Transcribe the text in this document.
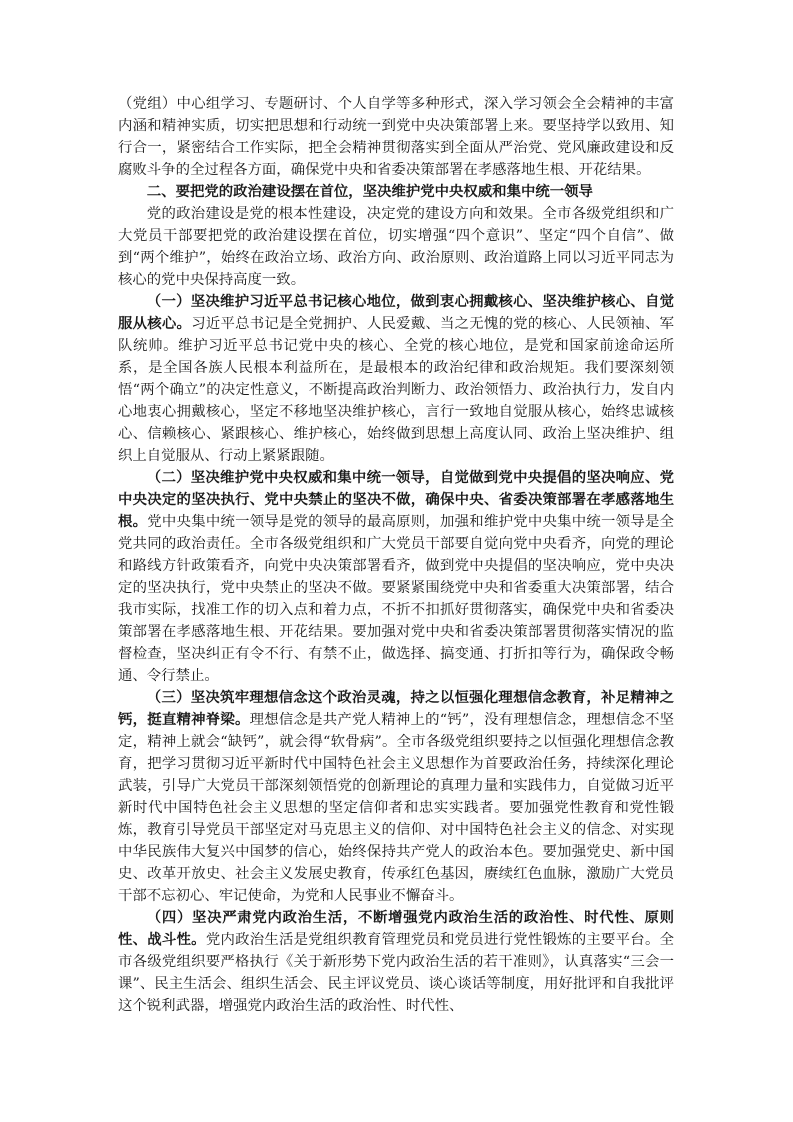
（党组）中心组学习、专题研讨、个人自学等多种形式，深入学习领会全会精神的丰富内涵和精神实质，切实把思想和行动统一到党中央决策部署上来。要坚持学以致用、知行合一，紧密结合工作实际，把全会精神贯彻落实到全面从严治党、党风廉政建设和反腐败斗争的全过程各方面，确保党中央和省委决策部署在孝感落地生根、开花结果。

二、要把党的政治建设摆在首位，坚决维护党中央权威和集中统一领导

党的政治建设是党的根本性建设，决定党的建设方向和效果。全市各级党组织和广大党员干部要把党的政治建设摆在首位，切实增强“四个意识”、坚定“四个自信”、做到“两个维护”，始终在政治立场、政治方向、政治原则、政治道路上同以习近平同志为核心的党中央保持高度一致。

（一）坚决维护习近平总书记核心地位，做到衷心拥戴核心、坚决维护核心、自觉服从核心。习近平总书记是全党拥护、人民爱戴、当之无愧的党的核心、人民领袖、军队统帅。维护习近平总书记党中央的核心、全党的核心地位，是党和国家前途命运所系，是全国各族人民根本利益所在，是最根本的政治纪律和政治规矩。我们要深刻领悟“两个确立”的决定性意义，不断提高政治判断力、政治领悟力、政治执行力，发自内心地衷心拥戴核心，坚定不移地坚决维护核心，言行一致地自觉服从核心，始终忠诚核心、信赖核心、紧跟核心、维护核心，始终做到思想上高度认同、政治上坚决维护、组织上自觉服从、行动上紧紧跟随。

（二）坚决维护党中央权威和集中统一领导，自觉做到党中央提倡的坚决响应、党中央决定的坚决执行、党中央禁止的坚决不做，确保中央、省委决策部署在孝感落地生根。党中央集中统一领导是党的领导的最高原则，加强和维护党中央集中统一领导是全党共同的政治责任。全市各级党组织和广大党员干部要自觉向党中央看齐，向党的理论和路线方针政策看齐，向党中央决策部署看齐，做到党中央提倡的坚决响应，党中央决定的坚决执行，党中央禁止的坚决不做。要紧紧围绕党中央和省委重大决策部署，结合我市实际，找准工作的切入点和着力点，不折不扣抓好贯彻落实，确保党中央和省委决策部署在孝感落地生根、开花结果。要加强对党中央和省委决策部署贯彻落实情况的监督检查，坚决纠正有令不行、有禁不止，做选择、搞变通、打折扣等行为，确保政令畅通、令行禁止。

（三）坚决筑牢理想信念这个政治灵魂，持之以恒强化理想信念教育，补足精神之钙，挺直精神脊梁。理想信念是共产党人精神上的“钙”，没有理想信念，理想信念不坚定，精神上就会“缺钙”，就会得“软骨病”。全市各级党组织要持之以恒强化理想信念教育，把学习贯彻习近平新时代中国特色社会主义思想作为首要政治任务，持续深化理论武装，引导广大党员干部深刻领悟党的创新理论的真理力量和实践伟力，自觉做习近平新时代中国特色社会主义思想的坚定信仰者和忠实实践者。要加强党性教育和党性锻炼，教育引导党员干部坚定对马克思主义的信仰、对中国特色社会主义的信念、对实现中华民族伟大复兴中国梦的信心，始终保持共产党人的政治本色。要加强党史、新中国史、改革开放史、社会主义发展史教育，传承红色基因，赓续红色血脉，激励广大党员干部不忘初心、牢记使命，为党和人民事业不懈奋斗。

（四）坚决严肃党内政治生活，不断增强党内政治生活的政治性、时代性、原则性、战斗性。党内政治生活是党组织教育管理党员和党员进行党性锻炼的主要平台。全市各级党组织要严格执行《关于新形势下党内政治生活的若干准则》，认真落实“三会一课”、民主生活会、组织生活会、民主评议党员、谈心谈话等制度，用好批评和自我批评这个锐利武器，增强党内政治生活的政治性、时代性、
